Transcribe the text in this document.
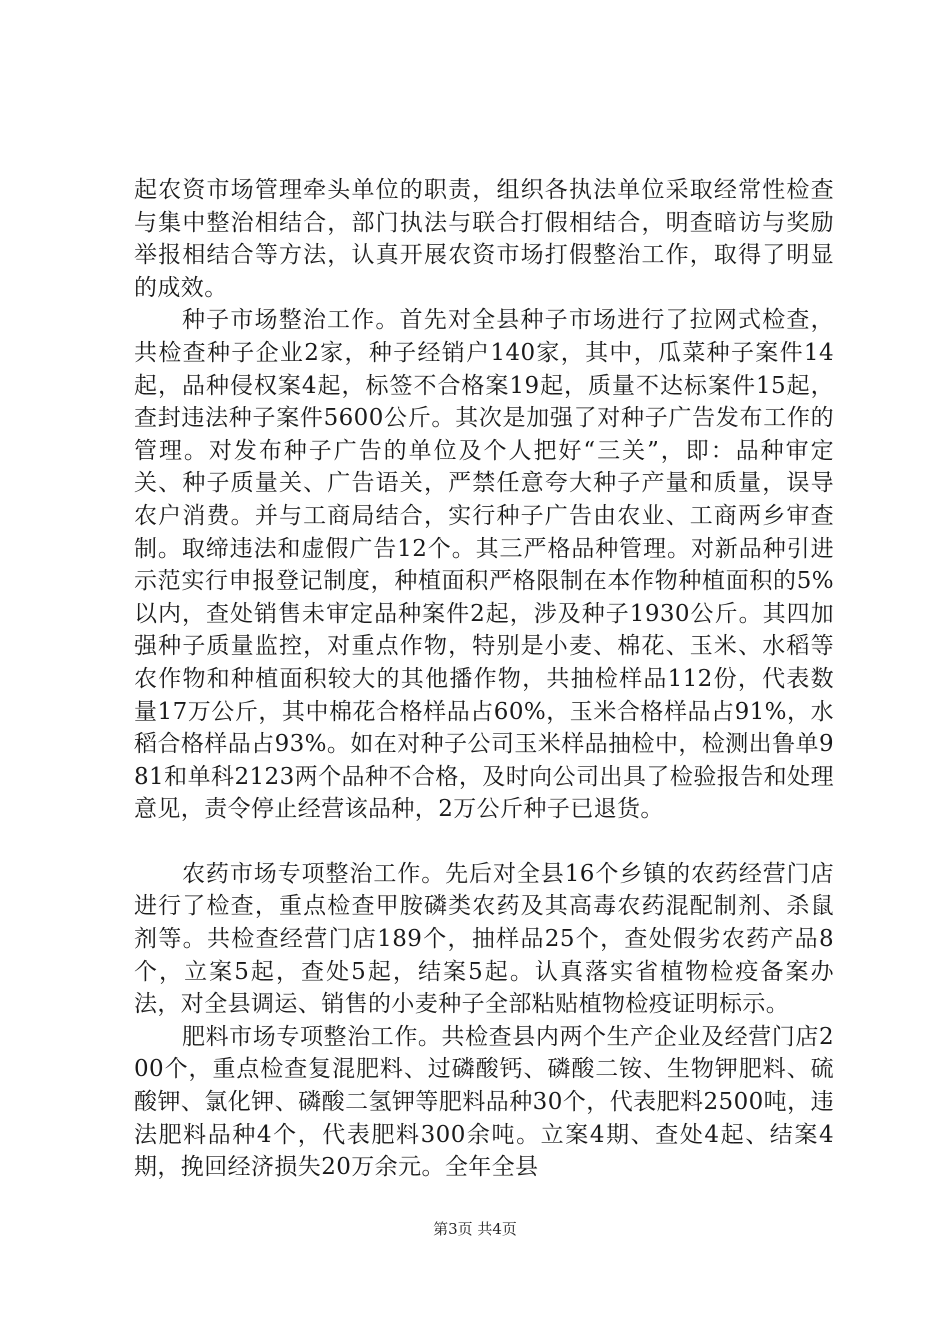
起农资市场管理牵头单位的职责，组织各执法单位采取经常性检查与集中整治相结合，部门执法与联合打假相结合，明查暗访与奖励举报相结合等方法，认真开展农资市场打假整治工作，取得了明显的成效。

种子市场整治工作。首先对全县种子市场进行了拉网式检查，共检查种子企业2家，种子经销户140家，其中，瓜菜种子案件14起，品种侵权案4起，标签不合格案19起，质量不达标案件15起，查封违法种子案件5600公斤。其次是加强了对种子广告发布工作的管理。对发布种子广告的单位及个人把好“三关”，即：品种审定关、种子质量关、广告语关，严禁任意夸大种子产量和质量，误导农户消费。并与工商局结合，实行种子广告由农业、工商两乡审查制。取缔违法和虚假广告12个。其三严格品种管理。对新品种引进示范实行申报登记制度，种植面积严格限制在本作物种植面积的5%以内，查处销售未审定品种案件2起，涉及种子1930公斤。其四加强种子质量监控，对重点作物，特别是小麦、棉花、玉米、水稻等农作物和种植面积较大的其他播作物，共抽检样品112份，代表数量17万公斤，其中棉花合格样品占60%，玉米合格样品占91%，水稻合格样品占93%。如在对种子公司玉米样品抽检中，检测出鲁单981和单科2123两个品种不合格，及时向公司出具了检验报告和处理意见，责令停止经营该品种，2万公斤种子已退货。

农药市场专项整治工作。先后对全县16个乡镇的农药经营门店进行了检查，重点检查甲胺磷类农药及其高毒农药混配制剂、杀鼠剂等。共检查经营门店189个，抽样品25个，查处假劣农药产品8个，立案5起，查处5起，结案5起。认真落实省植物检疫备案办法，对全县调运、销售的小麦种子全部粘贴植物检疫证明标示。

肥料市场专项整治工作。共检查县内两个生产企业及经营门店200个，重点检查复混肥料、过磷酸钙、磷酸二铵、生物钾肥料、硫酸钾、氯化钾、磷酸二氢钾等肥料品种30个，代表肥料2500吨，违法肥料品种4个，代表肥料300余吨。立案4期、查处4起、结案4期，挽回经济损失20万余元。全年全县

第3页 共4页
